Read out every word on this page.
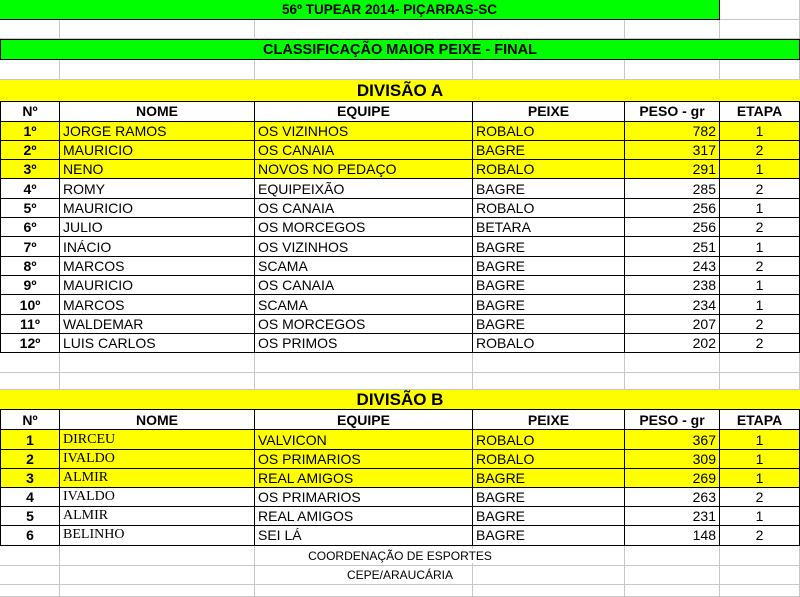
56º TUPEAR 2014- PIÇARRAS-SC
CLASSIFICAÇÃO MAIOR PEIXE - FINAL
DIVISÃO A
Nº	NOME	EQUIPE	PEIXE	PESO - gr	ETAPA
1º	JORGE RAMOS	OS VIZINHOS	ROBALO	782	1
2º	MAURICIO	OS CANAIA	BAGRE	317	2
3º	NENO	NOVOS NO PEDAÇO	ROBALO	291	1
4º	ROMY	EQUIPEIXÃO	BAGRE	285	2
5º	MAURICIO	OS CANAIA	ROBALO	256	1
6º	JULIO	OS MORCEGOS	BETARA	256	2
7º	INÁCIO	OS VIZINHOS	BAGRE	251	1
8º	MARCOS	SCAMA	BAGRE	243	2
9º	MAURICIO	OS CANAIA	BAGRE	238	1
10º	MARCOS	SCAMA	BAGRE	234	1
11º	WALDEMAR	OS MORCEGOS	BAGRE	207	2
12º	LUIS CARLOS	OS PRIMOS	ROBALO	202	2
DIVISÃO B
Nº	NOME	EQUIPE	PEIXE	PESO - gr	ETAPA
1	DIRCEU	VALVICON	ROBALO	367	1
2	IVALDO	OS PRIMARIOS	ROBALO	309	1
3	ALMIR	REAL AMIGOS	BAGRE	269	1
4	IVALDO	OS PRIMARIOS	BAGRE	263	2
5	ALMIR	REAL AMIGOS	BAGRE	231	1
6	BELINHO	SEI LÁ	BAGRE	148	2
COORDENAÇÃO DE ESPORTES
CEPE/ARAUCÁRIA
